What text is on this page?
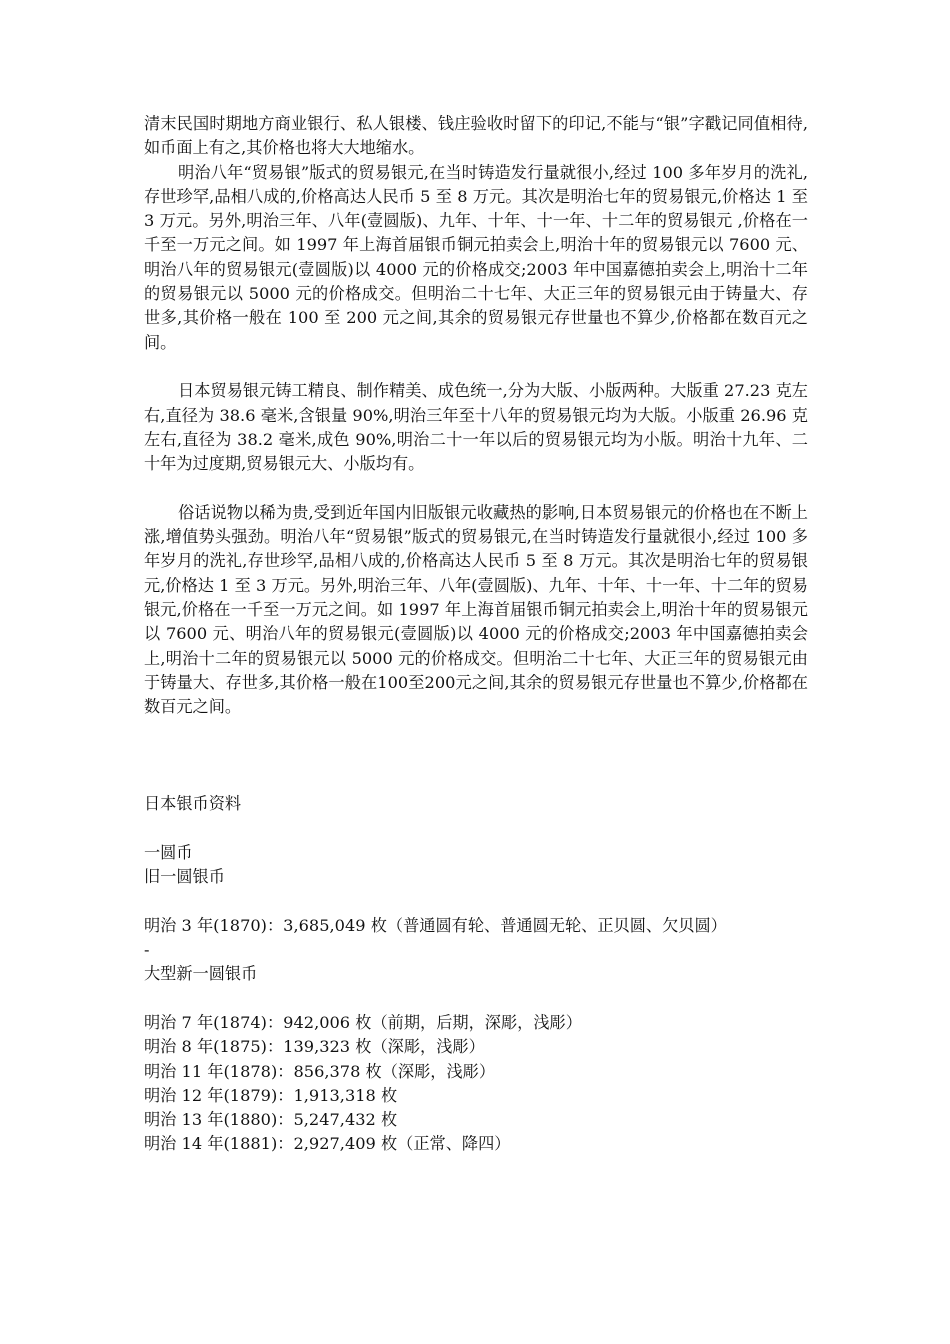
清末民国时期地方商业银行、私人银楼、钱庄验收时留下的印记,不能与“银”字戳记同值相待,如币面上有之,其价格也将大大地缩水。

明治八年“贸易银”版式的贸易银元,在当时铸造发行量就很小,经过 100 多年岁月的洗礼,存世珍罕,品相八成的,价格高达人民币 5 至 8 万元。其次是明治七年的贸易银元,价格达 1 至 3 万元。另外,明治三年、八年(壹圆版)、九年、十年、十一年、十二年的贸易银元 ,价格在一千至一万元之间。如 1997 年上海首届银币铜元拍卖会上,明治十年的贸易银元以 7600 元、明治八年的贸易银元(壹圆版)以 4000 元的价格成交;2003 年中国嘉德拍卖会上,明治十二年的贸易银元以 5000 元的价格成交。但明治二十七年、大正三年的贸易银元由于铸量大、存世多,其价格一般在 100 至 200 元之间,其余的贸易银元存世量也不算少,价格都在数百元之间。

日本贸易银元铸工精良、制作精美、成色统一,分为大版、小版两种。大版重 27.23 克左右,直径为 38.6 毫米,含银量 90%,明治三年至十八年的贸易银元均为大版。小版重 26.96 克左右,直径为 38.2 毫米,成色 90%,明治二十一年以后的贸易银元均为小版。明治十九年、二十年为过度期,贸易银元大、小版均有。

俗话说物以稀为贵,受到近年国内旧版银元收藏热的影响,日本贸易银元的价格也在不断上涨,增值势头强劲。明治八年“贸易银”版式的贸易银元,在当时铸造发行量就很小,经过 100 多年岁月的洗礼,存世珍罕,品相八成的,价格高达人民币 5 至 8 万元。其次是明治七年的贸易银元,价格达 1 至 3 万元。另外,明治三年、八年(壹圆版)、九年、十年、十一年、十二年的贸易银元,价格在一千至一万元之间。如 1997 年上海首届银币铜元拍卖会上,明治十年的贸易银元以 7600 元、明治八年的贸易银元(壹圆版)以 4000 元的价格成交;2003 年中国嘉德拍卖会上,明治十二年的贸易银元以 5000 元的价格成交。但明治二十七年、大正三年的贸易银元由于铸量大、存世多,其价格一般在100至200元之间,其余的贸易银元存世量也不算少,价格都在数百元之间。

日本银币资料

一圆币

旧一圆银币

明治 3 年(1870)：3,685,049 枚（普通圆有轮、普通圆无轮、正贝圆、欠贝圆）

-

大型新一圆银币

明治 7 年(1874)：942,006 枚（前期，后期，深彫，浅彫）

明治 8 年(1875)：139,323 枚（深彫，浅彫）

明治 11 年(1878)：856,378 枚（深彫，浅彫）

明治 12 年(1879)：1,913,318 枚

明治 13 年(1880)：5,247,432 枚

明治 14 年(1881)：2,927,409 枚（正常、降四）
